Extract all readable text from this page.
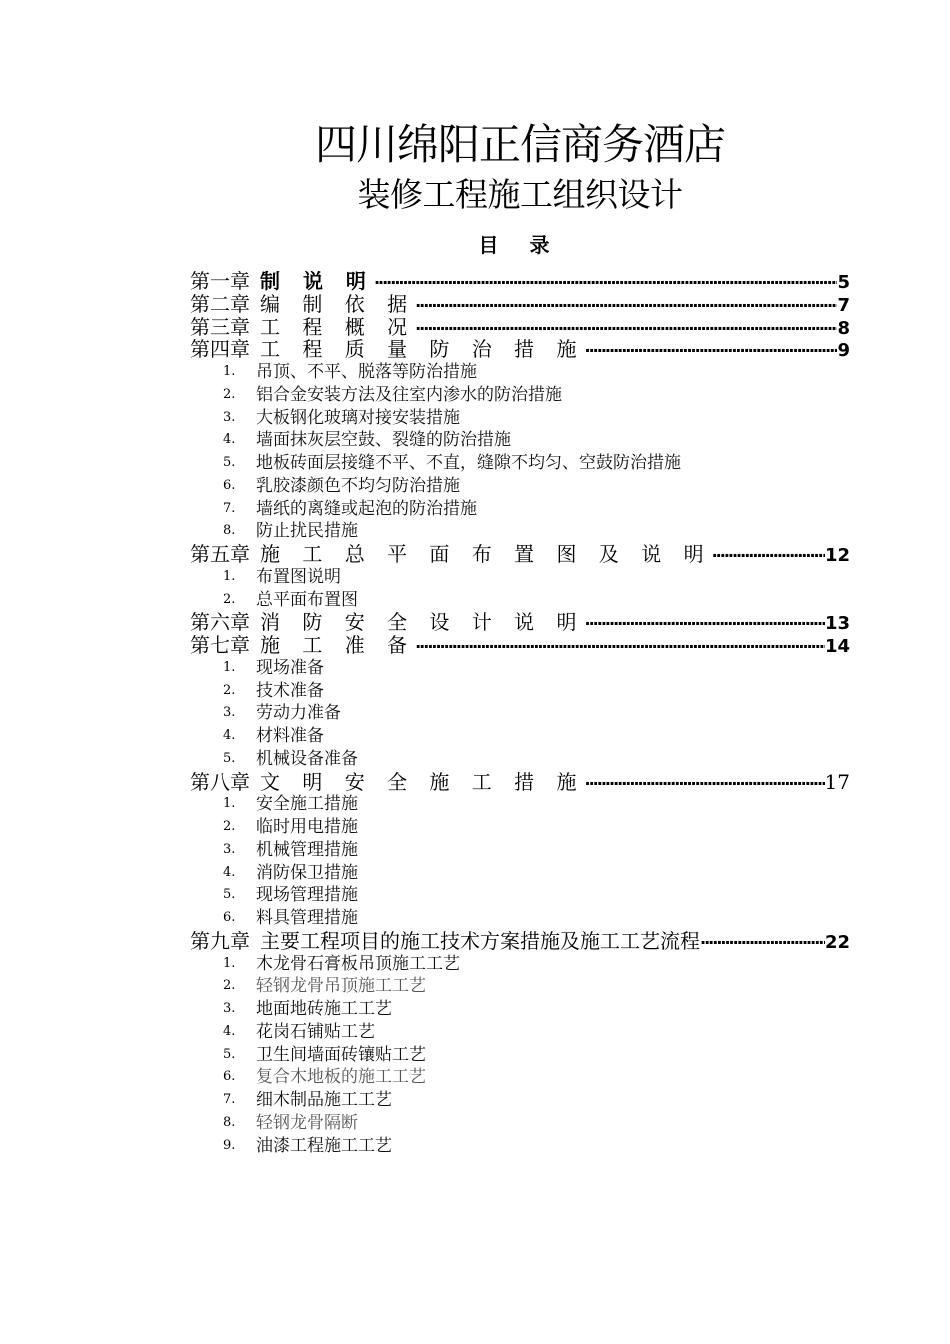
四川绵阳正信商务酒店
装修工程施工组织设计
目 录
第一章 制 说 明 ·····	5
第二章 编 制 依 据 ·····	7
第三章 工 程 概 况 ·····	8
第四章 工 程 质 量 防 治 措 施 ·····	9
1.	吊顶、不平、脱落等防治措施
2.	铝合金安装方法及往室内渗水的防治措施
3.	大板钢化玻璃对接安装措施
4.	墙面抹灰层空鼓、裂缝的防治措施
5.	地板砖面层接缝不平、不直，缝隙不均匀、空鼓防治措施
6.	乳胶漆颜色不均匀防治措施
7.	墙纸的离缝或起泡的防治措施
8.	防止扰民措施
第五章 施 工 总 平 面 布 置 图 及 说 明 ·····	12
1.	布置图说明
2.	总平面布置图
第六章 消 防 安 全 设 计 说 明 ·····	13
第七章 施 工 准 备 ·····	14
1.	现场准备
2.	技术准备
3.	劳动力准备
4.	材料准备
5.	机械设备准备
第八章 文 明 安 全 施 工 措 施 ·····	17
1.	安全施工措施
2.	临时用电措施
3.	机械管理措施
4.	消防保卫措施
5.	现场管理措施
6.	料具管理措施
第九章 主要工程项目的施工技术方案措施及施工工艺流程 ·····	22
1.	木龙骨石膏板吊顶施工工艺
2.	轻钢龙骨吊顶施工工艺
3.	地面地砖施工工艺
4.	花岗石铺贴工艺
5.	卫生间墙面砖镶贴工艺
6.	复合木地板的施工工艺
7.	细木制品施工工艺
8.	轻钢龙骨隔断
9.	油漆工程施工工艺
